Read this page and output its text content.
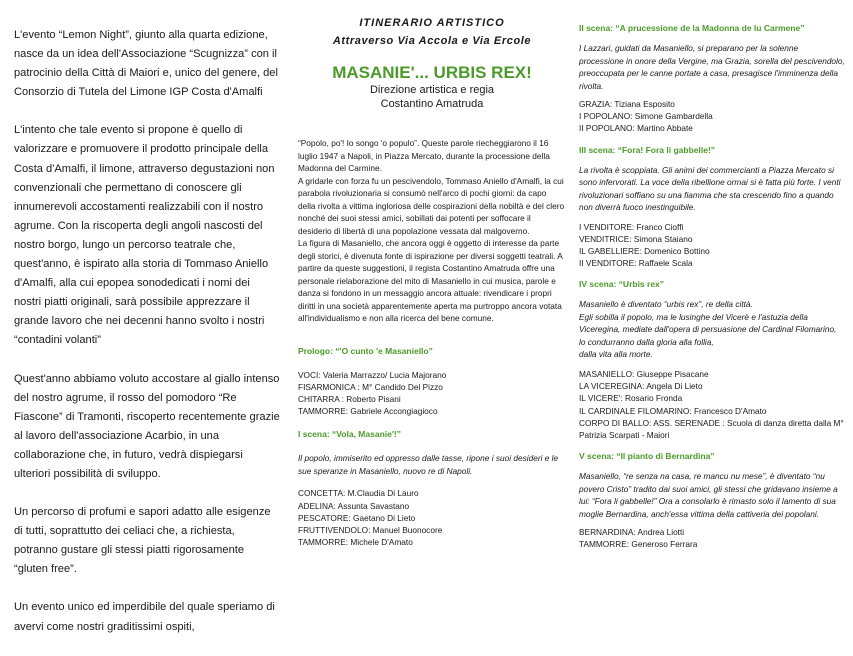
L'evento “Lemon Night”, giunto alla quarta edizione, nasce da un idea dell'Associazione “Scugnizza” con il patrocinio della Città di Maiori e, unico del genere, del Consorzio di Tutela del Limone IGP Costa d'Amalfi

L'intento che tale evento si propone è quello di valorizzare e promuovere il prodotto principale della Costa d'Amalfi, il limone, attraverso degustazioni non convenzionali che permettano di conoscere gli innumerevoli accostamenti realizzabili con il nostro agrume. Con la riscoperta degli angoli nascosti del nostro borgo, lungo un percorso teatrale che, quest'anno, è ispirato alla storia di Tommaso Aniello d'Amalfi, alla cui epopea sonodedicati i nomi dei nostri piatti originali, sarà possibile apprezzare il grande lavoro che nei decenni hanno svolto i nostri “contadini volanti”

Quest'anno abbiamo voluto accostare al giallo intenso del nostro agrume, il rosso del pomodoro “Re Fiascone” di Tramonti, riscoperto recentemente grazie al lavoro dell'associazione Acarbio, in una collaborazione che, in futuro, vedrà dispiegarsi ulteriori possibilità di sviluppo.

Un percorso di profumi e sapori adatto alle esigenze di tutti, soprattutto dei celiaci che, a richiesta, potranno gustare gli stessi piatti rigorosamente “gluten free”.

Un evento unico ed imperdibile del quale speriamo di avervi come nostri graditissimi ospiti,

ITINERARIO ARTISTICO

Attraverso Via Accola e Via Ercole

MASANIE'... URBIS REX!

Direzione artistica e regia

Costantino Amatruda

“Popolo, po'! Io songo 'o populo”. Queste parole riecheggiarono il 16 luglio 1947 a Napoli, in Piazza Mercato, durante la processione della Madonna del Carmine.

A gridarle con forza fu un pescivendolo, Tommaso Aniello d'Amalfi, la cui parabola rivoluzionaria si consumò nell'arco di pochi giorni: da capo della rivolta a vittima ingloriosa delle cospirazioni della nobiltà e del clero nonché dei suoi stessi amici, sobillati dai potenti per soffocare il desiderio di libertà di una popolazione vessata dal malgoverno.

La figura di Masaniello, che ancora oggi è oggetto di interesse da parte degli storici, è divenuta fonte di ispirazione per diversi soggetti teatrali. A partire da queste suggestioni, il regista Costantino Amatruda offre una personale rielaborazione del mito di Masaniello in cui musica, parole e danza si fondono in un messaggio ancora attuale: rivendicare i propri diritti in una società apparentemente aperta ma purtroppo ancora votata all'individualismo e non alla ricerca del bene comune.

Prologo: “'O cunto 'e Masaniello”

VOCI: Valeria Marrazzo/ Lucia Majorano
FISARMONICA : M° Candido Del Pizzo
CHITARRA : Roberto Pisani
TAMMORRE: Gabriele Accongiagioco

I scena: “Vola, Masanie'!”

Il popolo, immiserito ed oppresso dalle tasse, ripone i suoi desideri e le sue speranze in Masaniello, nuovo re di Napoli.

CONCETTA: M.Claudia Di Lauro
ADELINA: Assunta Savastano
PESCATORE: Gaetano Di Lieto
FRUTTIVENDOLO: Manuel Buonocore
TAMMORRE: Michele D'Amato

II scena: “A prucessione de la Madonna de lu Carmene”

I Lazzari, guidati da Masaniello, si preparano per la solenne processione in onore della Vergine, ma Grazia, sorella del pescivendolo, preoccupata per le canne portate a casa, presagisce l'imminenza della rivolta.

GRAZIA: Tiziana Esposito
I POPOLANO: Simone Gambardella
II POPOLANO: Martino Abbate

III scena: “Fora! Fora li gabbelle!”

La rivolta è scoppiata. Gli animi dei commercianti a Piazza Mercato si sono infervorati. La voce della ribellione ormai si è fatta più forte. I venti rivoluzionari soffiano su una fiamma che sta crescendo fino a quando non diverrà fuoco inestinguibile.

I VENDITORE: Franco Cioffi
VENDITRICE: Simona Staiano
IL GABELLIERE: Domenico Bottino
II VENDITORE: Raffaele Scala

IV scena: “Urbis rex”

Masaniello è diventato “urbis rex”, re della città.

Egli sobilla il popolo, ma le lusinghe del Vicerè e l'astuzia della Viceregina, mediate dall'opera di persuasione del Cardinal Filomarino, lo condurranno dalla gloria alla follia,

dalla vita alla morte.

MASANIELLO: Giuseppe Pisacane
LA VICEREGINA: Angela Di Lieto
IL VICERE': Rosario Fronda
IL CARDINALE FILOMARINO: Francesco D'Amato
CORPO DI BALLO: ASS. SERENADE : Scuola di danza diretta dalla M° Patrizia Scarpati - Maiori

V scena: “Il pianto di Bernardina”

Masaniello, “re senza na casa, re mancu nu mese”, è diventato “nu povero Cristo” tradito dai suoi amici, gli stessi che gridavano insieme a lui: “Fora li gabbelle!” Ora a consolarlo è rimasto solo il lamento di sua moglie Bernardina, anch'essa vittima della cattiveria dei popolani.

BERNARDINA: Andrea Liotti
TAMMORRE: Generoso Ferrara
